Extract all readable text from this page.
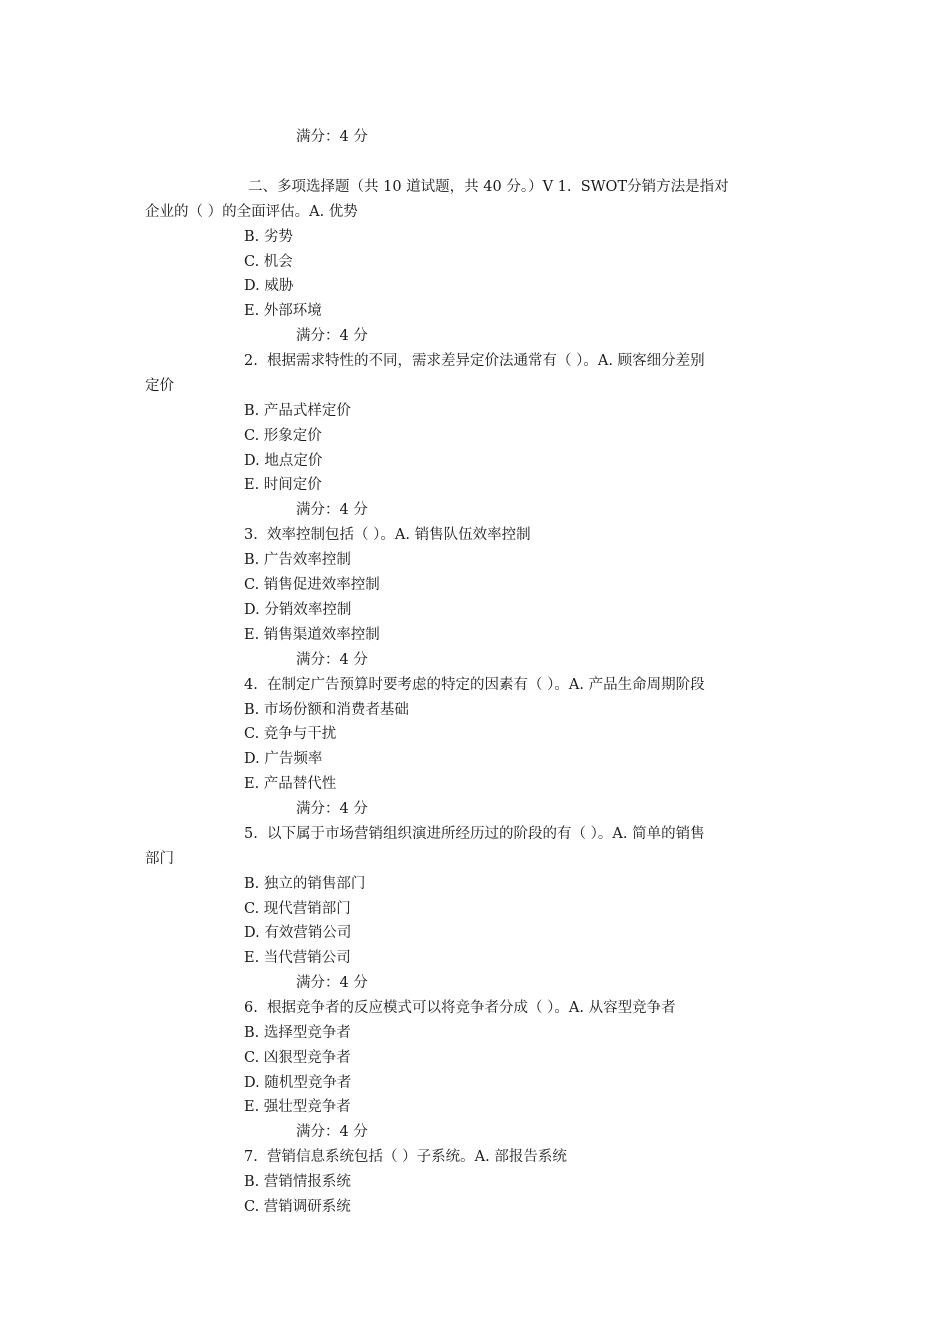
满分：4 分

二、多项选择题（共 10 道试题，共 40 分。）V 1.  SWOT分销方法是指对

企业的（ ）的全面评估。A. 优势

B. 劣势

C. 机会

D. 威胁

E. 外部环境

满分：4 分

2.  根据需求特性的不同，需求差异定价法通常有（ ）。A. 顾客细分差别

定价

B. 产品式样定价

C. 形象定价

D. 地点定价

E. 时间定价

满分：4 分

3.  效率控制包括（ ）。A. 销售队伍效率控制

B. 广告效率控制

C. 销售促进效率控制

D. 分销效率控制

E. 销售渠道效率控制

满分：4 分

4.  在制定广告预算时要考虑的特定的因素有（ ）。A. 产品生命周期阶段

B. 市场份额和消费者基础

C. 竞争与干扰

D. 广告频率

E. 产品替代性

满分：4 分

5.  以下属于市场营销组织演进所经历过的阶段的有（ ）。A. 简单的销售

部门

B. 独立的销售部门

C. 现代营销部门

D. 有效营销公司

E. 当代营销公司

满分：4 分

6.  根据竞争者的反应模式可以将竞争者分成（ ）。A. 从容型竞争者

B. 选择型竞争者

C. 凶狠型竞争者

D. 随机型竞争者

E. 强壮型竞争者

满分：4 分

7.  营销信息系统包括（ ）子系统。A. 部报告系统

B. 营销情报系统

C. 营销调研系统
